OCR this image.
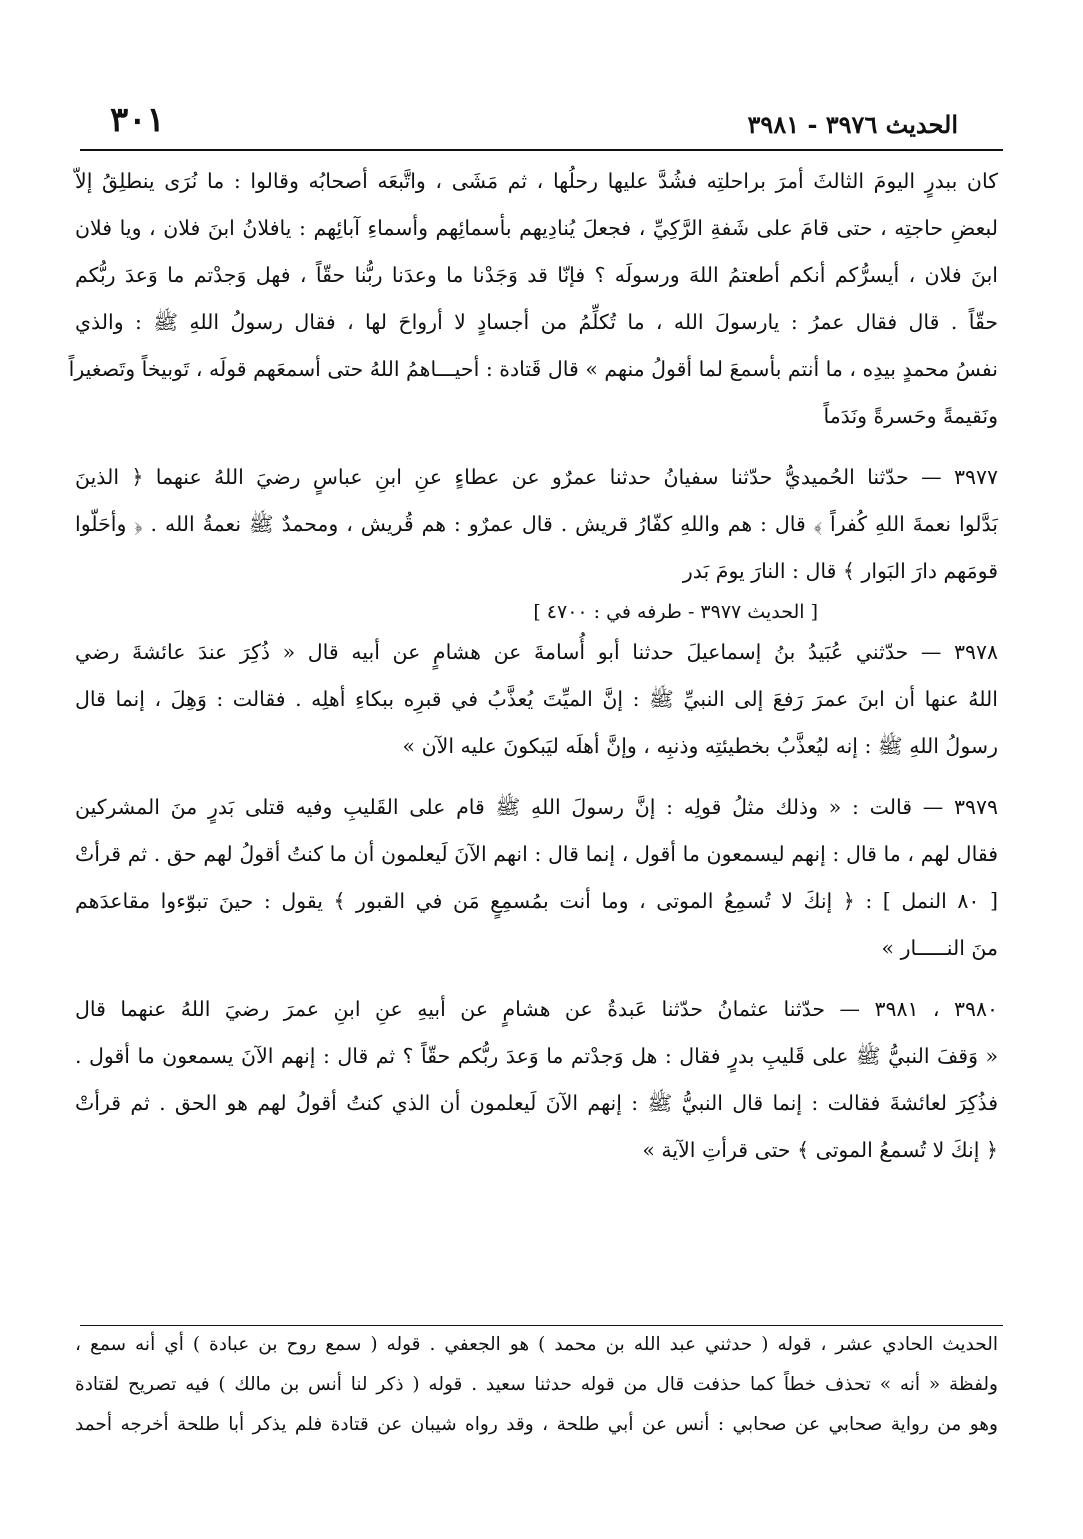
الحديث ٣٩٧٦ - ٣٩٨١
٣٠١
كان ببدرٍ اليومَ الثالثَ أمرَ براحلتِه فشُدَّ عليها رحلُها ، ثم مَشَى ، واتَّبعَه أصحابُه وقالوا : ما نُرَى ينطلِقُ إلاّ
لبعضِ حاجتِه ، حتى قامَ على شَفةِ الرَّكِيِّ ، فجعلَ يُنادِيهم بأسمائِهم وأسماءِ آبائِهم : يافلانُ ابنَ فلان ، ويا فلان
ابنَ فلان ، أيسرُّكم أنكم أطعتمُ اللهَ ورسولَه ؟ فإنّا قد وَجَدْنا ما وعدَنا ربُّنا حقّاً ، فهل وَجدْتم ما وَعدَ ربُّكم
حقّاً . قال فقال عمرُ : يارسولَ الله ، ما تُكلِّمُ من أجسادٍ لا أرواحَ لها ، فقال رسولُ اللهِ ﷺ : والذي
نفسُ محمدٍ بيدِه ، ما أنتم بأسمعَ لما أقولُ منهم » قال قَتادة : أحيـــاهمُ اللهُ حتى أسمعَهم قولَه ، تَوبيخاً وتَصغيراً
ونَقيمةً وحَسرةً ونَدَماً
٣٩٧٧ — حدّثنا الحُميديُّ حدّثنا سفيانُ حدثنا عمرٌو عن عطاءٍ عنِ ابنِ عباسٍ رضيَ اللهُ عنهما ﴿ الذينَ
بَدَّلوا نعمةَ اللهِ كُفراً ﴾ قال : هم واللهِ كفّارُ قريش . قال عمرٌو : هم قُريش ، ومحمدٌ ﷺ نعمةُ الله . ﴿ وأحَلّوا
قومَهم دارَ البَوار ﴾ قال : النارَ يومَ بَدر
[ الحديث ٣٩٧٧ - طرفه في : ٤٧٠٠ ]
٣٩٧٨ — حدّثني عُبَيدُ بنُ إسماعيلَ حدثنا أبو أُسامةَ عن هشامٍ عن أبيه قال « ذُكِرَ عندَ عائشةَ رضي
اللهُ عنها أن ابنَ عمرَ رَفعَ إلى النبيِّ ﷺ : إنَّ الميِّتَ يُعذَّبُ في قبرِه ببكاءِ أهلِه . فقالت : وَهِلَ ، إنما قال
رسولُ اللهِ ﷺ : إنه ليُعذَّبُ بخطيئتِه وذنبِه ، وإنَّ أهلَه ليَبكونَ عليه الآن »
٣٩٧٩ — قالت : « وذلك مثلُ قولِه : إنَّ رسولَ اللهِ ﷺ قام على القَليبِ وفيه قتلى بَدرٍ منَ المشركين
فقال لهم ، ما قال : إنهم ليسمعون ما أقول ، إنما قال : انهم الآنَ لَيعلمون أن ما كنتُ أقولُ لهم حق . ثم قرأتْ
[ ٨٠ النمل ] : ﴿ إنكَ لا تُسمِعُ الموتى ، وما أنت بمُسمِعٍ مَن في القبور ﴾ يقول : حينَ تبوّءوا مقاعدَهم
منَ النـــــار »
٣٩٨٠ ، ٣٩٨١ — حدّثنا عثمانُ حدّثنا عَبدةُ عن هشامٍ عن أبيهِ عنِ ابنِ عمرَ رضيَ اللهُ عنهما قال
« وَقفَ النبيُّ ﷺ على قَليبِ بدرٍ فقال : هل وَجدْتم ما وَعدَ ربُّكم حقّاً ؟ ثم قال : إنهم الآنَ يسمعون ما أقول .
فذُكِرَ لعائشةَ فقالت : إنما قال النبيُّ ﷺ : إنهم الآنَ لَيعلمون أن الذي كنتُ أقولُ لهم هو الحق . ثم قرأتْ
﴿ إنكَ لا تُسمعُ الموتى ﴾ حتى قرأتِ الآية »
الحديث الحادي عشر ، قوله ( حدثني عبد الله بن محمد ) هو الجعفي . قوله ( سمع روح بن عبادة ) أي أنه سمع ،
ولفظة « أنه » تحذف خطاً كما حذفت قال من قوله حدثنا سعيد . قوله ( ذكر لنا أنس بن مالك ) فيه تصريح لقتادة
وهو من رواية صحابي عن صحابي : أنس عن أبي طلحة ، وقد رواه شيبان عن قتادة فلم يذكر أبا طلحة أخرجه أحمد
